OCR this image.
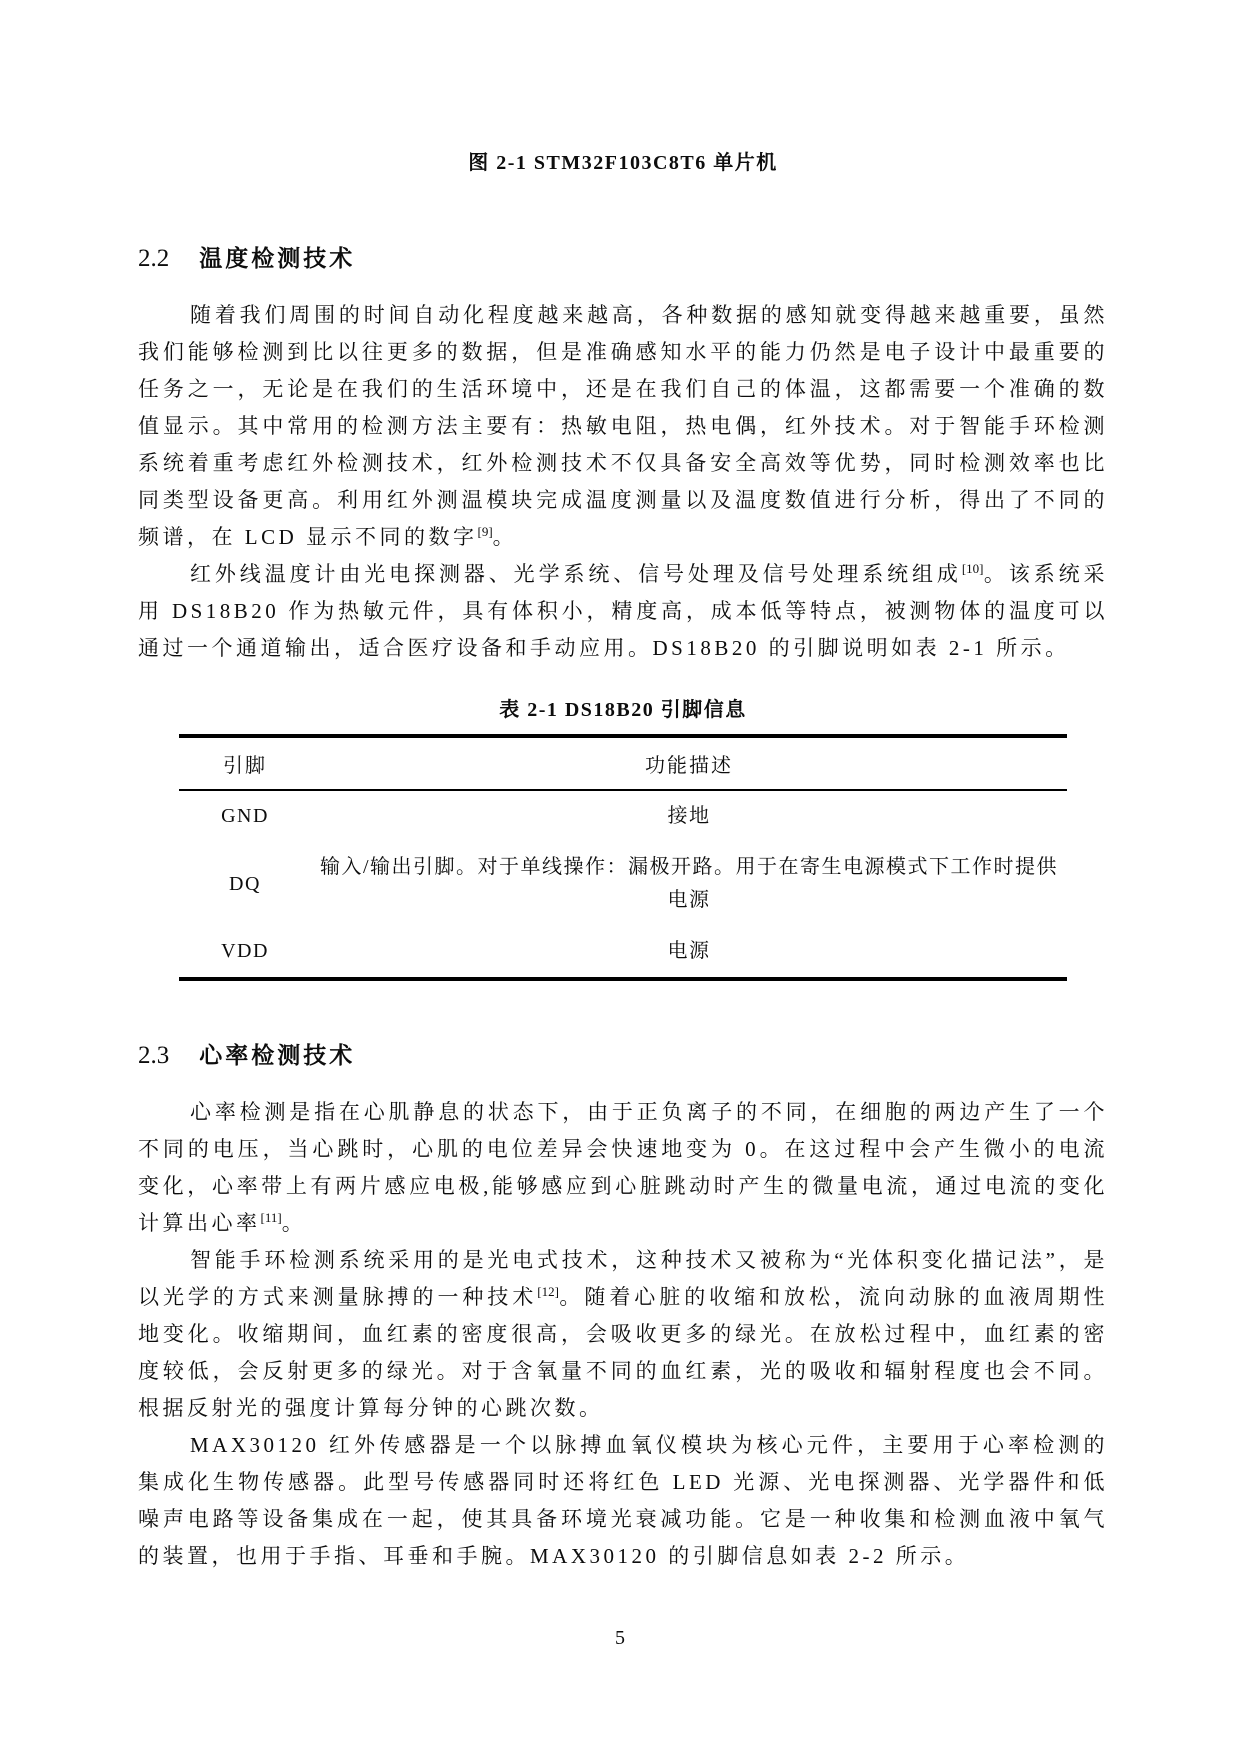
图 2-1 STM32F103C8T6 单片机
2.2 温度检测技术

随着我们周围的时间自动化程度越来越高，各种数据的感知就变得越来越重要，虽然我们能够检测到比以往更多的数据，但是准确感知水平的能力仍然是电子设计中最重要的任务之一，无论是在我们的生活环境中，还是在我们自己的体温，这都需要一个准确的数值显示。其中常用的检测方法主要有：热敏电阻，热电偶，红外技术。对于智能手环检测系统着重考虑红外检测技术，红外检测技术不仅具备安全高效等优势，同时检测效率也比同类型设备更高。利用红外测温模块完成温度测量以及温度数值进行分析，得出了不同的频谱，在 LCD 显示不同的数字[9]。

红外线温度计由光电探测器、光学系统、信号处理及信号处理系统组成[10]。该系统采用 DS18B20 作为热敏元件，具有体积小，精度高，成本低等特点，被测物体的温度可以通过一个通道输出，适合医疗设备和手动应用。DS18B20 的引脚说明如表 2-1 所示。

表 2-1 DS18B20 引脚信息
引脚	功能描述
GND	接地
DQ	输入/输出引脚。对于单线操作：漏极开路。用于在寄生电源模式下工作时提供电源
VDD	电源
2.3 心率检测技术

心率检测是指在心肌静息的状态下，由于正负离子的不同，在细胞的两边产生了一个不同的电压，当心跳时，心肌的电位差异会快速地变为 0。在这过程中会产生微小的电流变化，心率带上有两片感应电极,能够感应到心脏跳动时产生的微量电流，通过电流的变化计算出心率[11]。

智能手环检测系统采用的是光电式技术，这种技术又被称为“光体积变化描记法”，是以光学的方式来测量脉搏的一种技术[12]。随着心脏的收缩和放松，流向动脉的血液周期性地变化。收缩期间，血红素的密度很高，会吸收更多的绿光。在放松过程中，血红素的密度较低，会反射更多的绿光。对于含氧量不同的血红素，光的吸收和辐射程度也会不同。根据反射光的强度计算每分钟的心跳次数。

MAX30120 红外传感器是一个以脉搏血氧仪模块为核心元件，主要用于心率检测的集成化生物传感器。此型号传感器同时还将红色 LED 光源、光电探测器、光学器件和低噪声电路等设备集成在一起，使其具备环境光衰减功能。它是一种收集和检测血液中氧气的装置，也用于手指、耳垂和手腕。MAX30120 的引脚信息如表 2-2 所示。

5
